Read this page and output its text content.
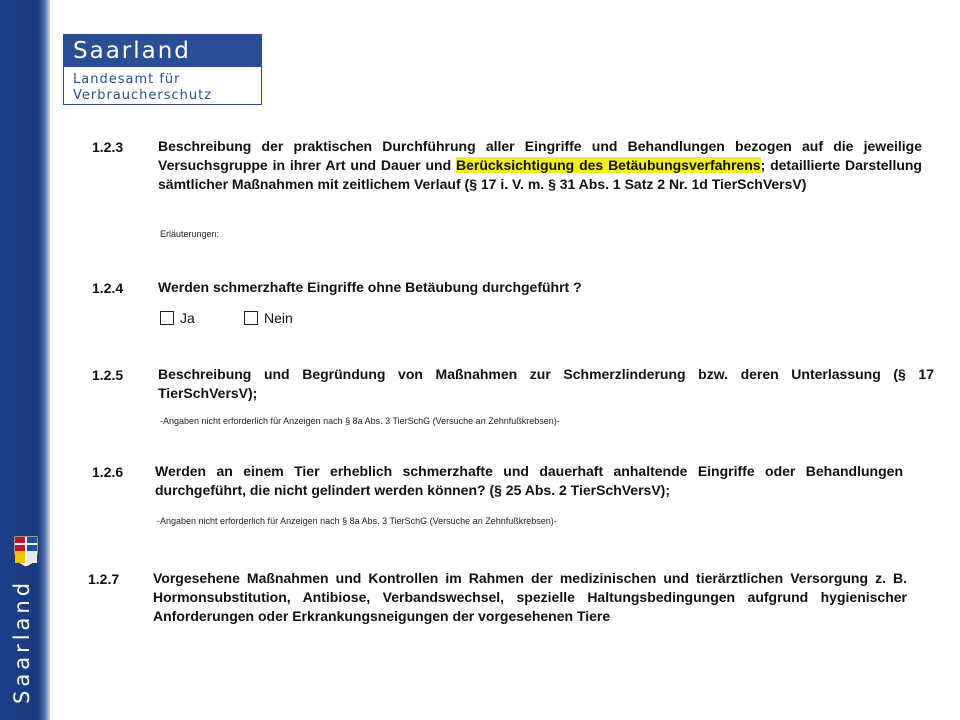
Saarland
Saarland
Landesamt für
Verbraucherschutz
1.2.3 Beschreibung der praktischen Durchführung aller Eingriffe und Behandlungen bezogen auf die jeweilige Versuchsgruppe in ihrer Art und Dauer und Berücksichtigung des Betäubungsverfahrens; detaillierte Darstellung sämtlicher Maßnahmen mit zeitlichem Verlauf (§ 17 i. V. m. § 31 Abs. 1 Satz 2 Nr. 1d TierSchVersV)
Erläuterungen:
1.2.4 Werden schmerzhafte Eingriffe ohne Betäubung durchgeführt ?
Ja	Nein
1.2.5 Beschreibung und Begründung von Maßnahmen zur Schmerzlinderung bzw. deren Unterlassung (§ 17 TierSchVersV);
-Angaben nicht erforderlich für Anzeigen nach § 8a Abs. 3 TierSchG (Versuche an Zehnfußkrebsen)-
1.2.6 Werden an einem Tier erheblich schmerzhafte und dauerhaft anhaltende Eingriffe oder Behandlungen durchgeführt, die nicht gelindert werden können? (§ 25 Abs. 2 TierSchVersV);
-Angaben nicht erforderlich für Anzeigen nach § 8a Abs. 3 TierSchG (Versuche an Zehnfußkrebsen)-
1.2.7 Vorgesehene Maßnahmen und Kontrollen im Rahmen der medizinischen und tierärztlichen Versorgung z. B. Hormonsubstitution, Antibiose, Verbandswechsel, spezielle Haltungsbedingungen aufgrund hygienischer Anforderungen oder Erkrankungsneigungen der vorgesehenen Tiere
